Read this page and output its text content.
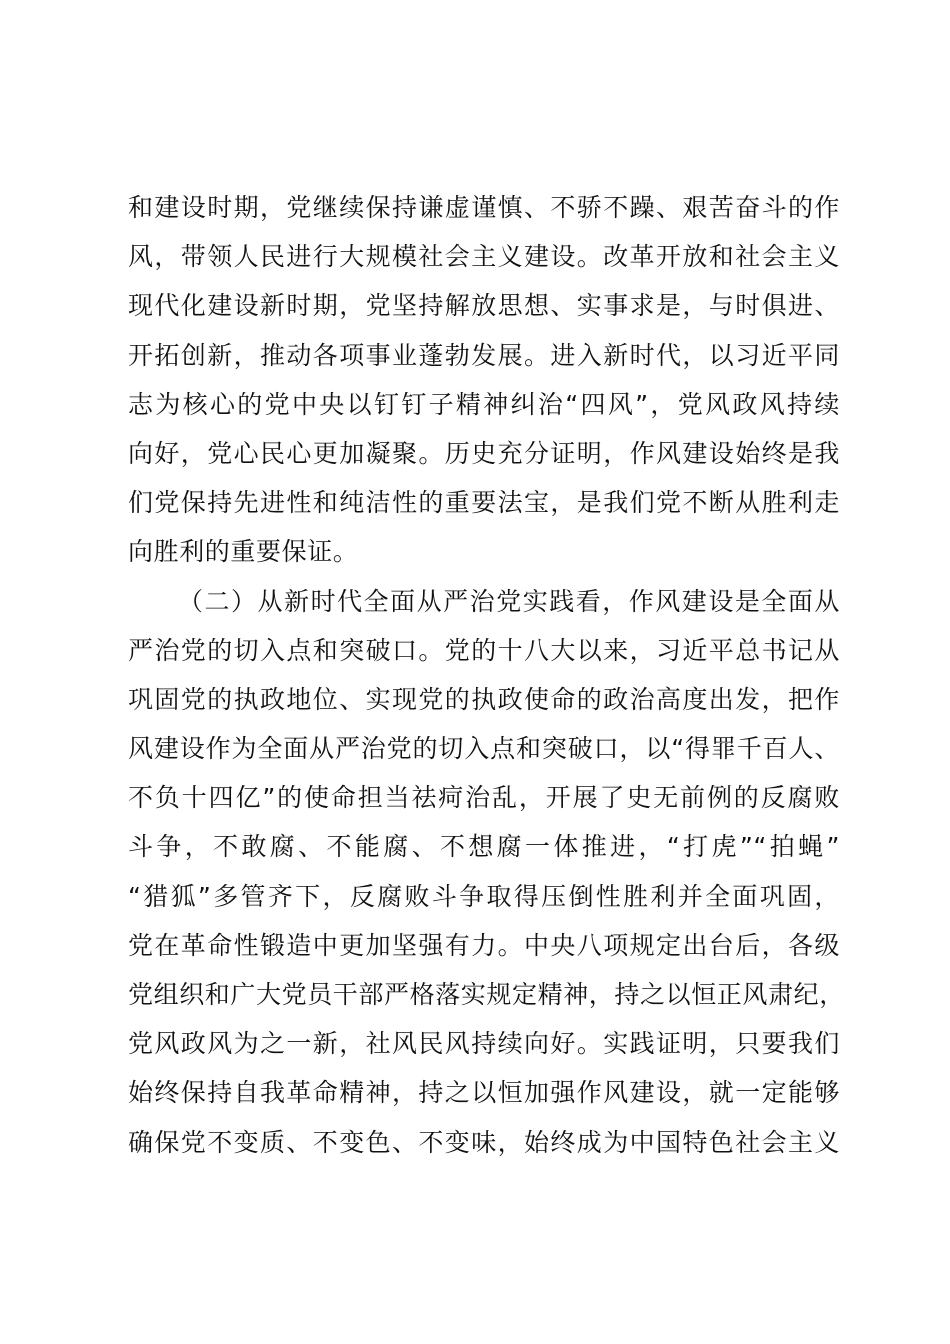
和建设时期，党继续保持谦虚谨慎、不骄不躁、艰苦奋斗的作
风，带领人民进行大规模社会主义建设。改革开放和社会主义
现代化建设新时期，党坚持解放思想、实事求是，与时俱进、
开拓创新，推动各项事业蓬勃发展。进入新时代，以习近平同
志为核心的党中央以钉钉子精神纠治“四风”，党风政风持续
向好，党心民心更加凝聚。历史充分证明，作风建设始终是我
们党保持先进性和纯洁性的重要法宝，是我们党不断从胜利走
向胜利的重要保证。
（二）从新时代全面从严治党实践看，作风建设是全面从
严治党的切入点和突破口。党的十八大以来，习近平总书记从
巩固党的执政地位、实现党的执政使命的政治高度出发，把作
风建设作为全面从严治党的切入点和突破口，以“得罪千百人、
不负十四亿”的使命担当祛疴治乱，开展了史无前例的反腐败
斗争，不敢腐、不能腐、不想腐一体推进，“打虎”“拍蝇”
“猎狐”多管齐下，反腐败斗争取得压倒性胜利并全面巩固，
党在革命性锻造中更加坚强有力。中央八项规定出台后，各级
党组织和广大党员干部严格落实规定精神，持之以恒正风肃纪，
党风政风为之一新，社风民风持续向好。实践证明，只要我们
始终保持自我革命精神，持之以恒加强作风建设，就一定能够
确保党不变质、不变色、不变味，始终成为中国特色社会主义
